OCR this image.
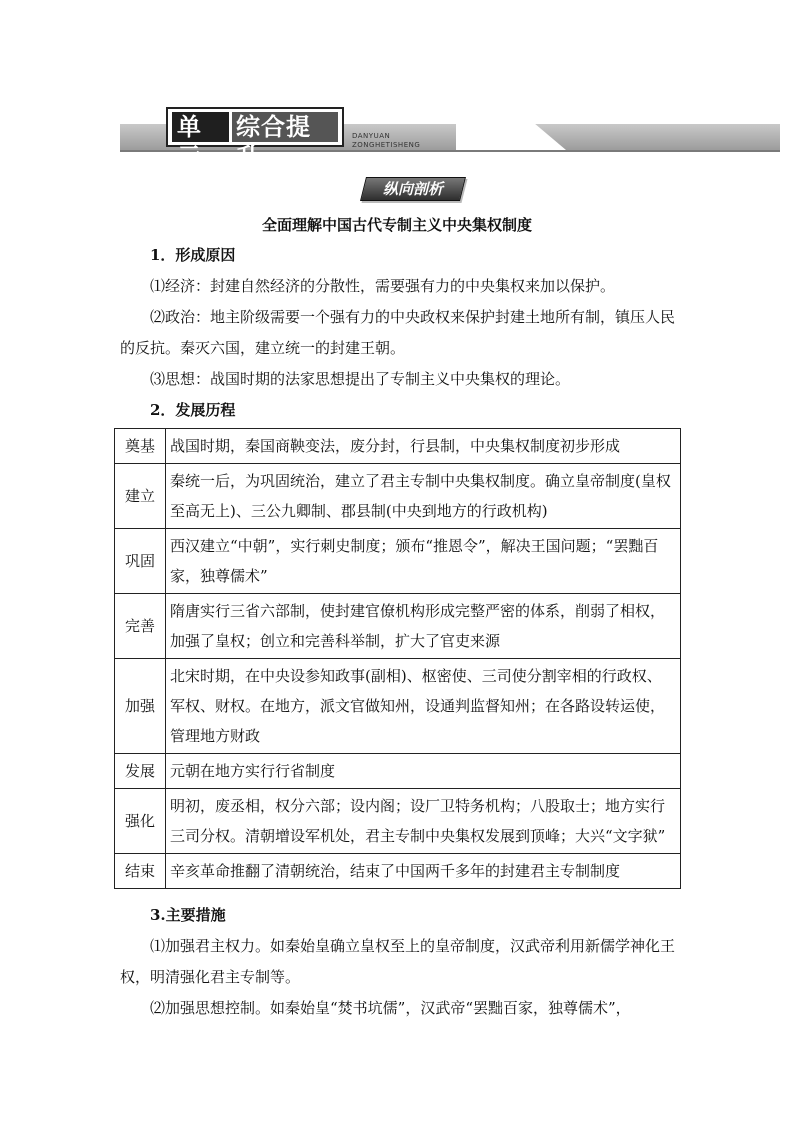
单元
综合提升
DANYUAN
ZONGHETISHENG
纵向剖析
全面理解中国古代专制主义中央集权制度
1．形成原因
⑴经济：封建自然经济的分散性，需要强有力的中央集权来加以保护。
⑵政治：地主阶级需要一个强有力的中央政权来保护封建土地所有制，镇压人民的反抗。秦灭六国，建立统一的封建王朝。
⑶思想：战国时期的法家思想提出了专制主义中央集权的理论。
2．发展历程
奠基	战国时期，秦国商鞅变法，废分封，行县制，中央集权制度初步形成
建立	秦统一后，为巩固统治，建立了君主专制中央集权制度。确立皇帝制度(皇权至高无上)、三公九卿制、郡县制(中央到地方的行政机构)
巩固	西汉建立“中朝”，实行刺史制度；颁布“推恩令”，解决王国问题；“罢黜百家，独尊儒术”
完善	隋唐实行三省六部制，使封建官僚机构形成完整严密的体系，削弱了相权，加强了皇权；创立和完善科举制，扩大了官吏来源
加强	北宋时期，在中央设参知政事(副相)、枢密使、三司使分割宰相的行政权、军权、财权。在地方，派文官做知州，设通判监督知州；在各路设转运使，管理地方财政
发展	元朝在地方实行行省制度
强化	明初，废丞相，权分六部；设内阁；设厂卫特务机构；八股取士；地方实行三司分权。清朝增设军机处，君主专制中央集权发展到顶峰；大兴“文字狱”
结束	辛亥革命推翻了清朝统治，结束了中国两千多年的封建君主专制制度
3.主要措施
⑴加强君主权力。如秦始皇确立皇权至上的皇帝制度，汉武帝利用新儒学神化王权，明清强化君主专制等。
⑵加强思想控制。如秦始皇“焚书坑儒”，汉武帝“罢黜百家，独尊儒术”，
